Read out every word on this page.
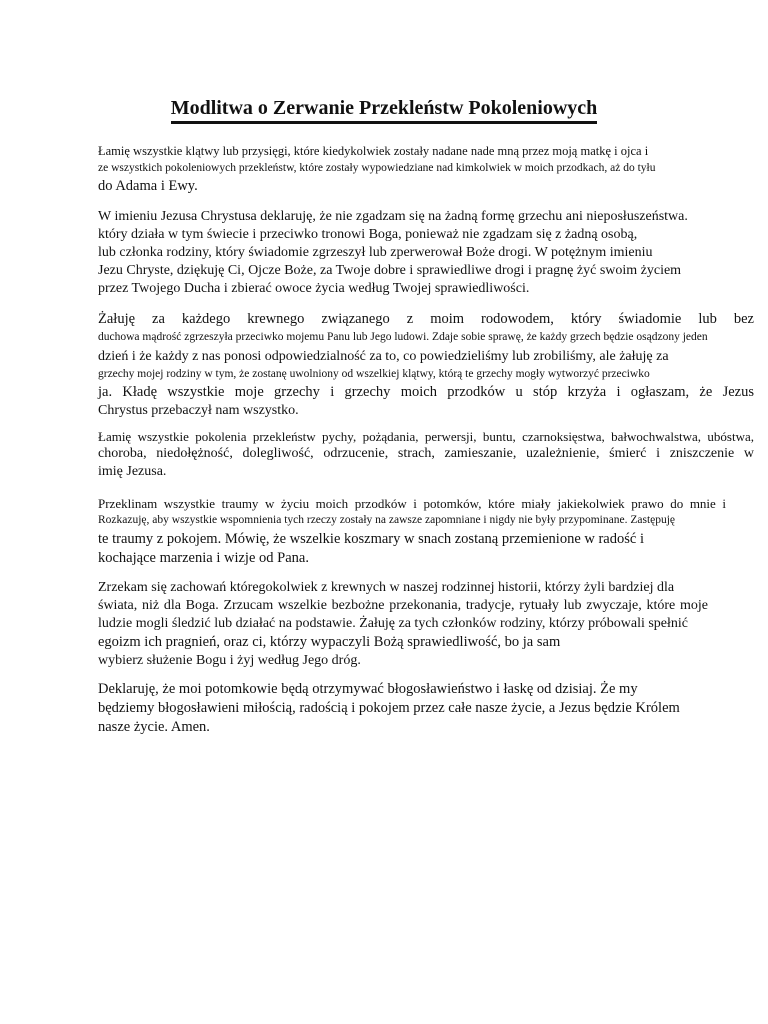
Modlitwa o Zerwanie Przekleństw Pokoleniowych
Łamię wszystkie klątwy lub przysięgi, które kiedykolwiek zostały nadane nade mną przez moją matkę i ojca i
ze wszystkich pokoleniowych przekleństw, które zostały wypowiedziane nad kimkolwiek w moich przodkach, aż do tyłu
do Adama i Ewy.
W imieniu Jezusa Chrystusa deklaruję, że nie zgadzam się na żadną formę grzechu ani nieposłuszeństwa.
który działa w tym świecie i przeciwko tronowi Boga, ponieważ nie zgadzam się z żadną osobą,
lub członka rodziny, który świadomie zgrzeszył lub zperwerował Boże drogi. W potężnym imieniu
Jezu Chryste, dziękuję Ci, Ojcze Boże, za Twoje dobre i sprawiedliwe drogi i pragnę żyć swoim życiem
przez Twojego Ducha i zbierać owoce życia według Twojej sprawiedliwości.
Żałuję za każdego krewnego związanego z moim rodowodem, który świadomie lub bez
duchowa mądrość zgrzeszyła przeciwko mojemu Panu lub Jego ludowi. Zdaje sobie sprawę, że każdy grzech będzie osądzony jeden
dzień i że każdy z nas ponosi odpowiedzialność za to, co powiedzieliśmy lub zrobiliśmy, ale żałuję za
grzechy mojej rodziny w tym, że zostanę uwolniony od wszelkiej klątwy, którą te grzechy mogły wytworzyć przeciwko
ja. Kładę wszystkie moje grzechy i grzechy moich przodków u stóp krzyża i ogłaszam, że Jezus
Chrystus przebaczył nam wszystko.
Łamię wszystkie pokolenia przekleństw pychy, pożądania, perwersji, buntu, czarnoksięstwa, bałwochwalstwa, ubóstwa,
choroba, niedołężność, dolegliwość, odrzucenie, strach, zamieszanie, uzależnienie, śmierć i zniszczenie w
imię Jezusa.
Przeklinam wszystkie traumy w życiu moich przodków i potomków, które miały jakiekolwiek prawo do mnie i
Rozkazuję, aby wszystkie wspomnienia tych rzeczy zostały na zawsze zapomniane i nigdy nie były przypominane. Zastępuję
te traumy z pokojem. Mówię, że wszelkie koszmary w snach zostaną przemienione w radość i
kochające marzenia i wizje od Pana.
Zrzekam się zachowań któregokolwiek z krewnych w naszej rodzinnej historii, którzy żyli bardziej dla
świata, niż dla Boga. Zrzucam wszelkie bezbożne przekonania, tradycje, rytuały lub zwyczaje, które moje
ludzie mogli śledzić lub działać na podstawie. Żałuję za tych członków rodziny, którzy próbowali spełnić
egoizm ich pragnień, oraz ci, którzy wypaczyli Bożą sprawiedliwość, bo ja sam
wybierz służenie Bogu i żyj według Jego dróg.
Deklaruję, że moi potomkowie będą otrzymywać błogosławieństwo i łaskę od dzisiaj. Że my
będziemy błogosławieni miłością, radością i pokojem przez całe nasze życie, a Jezus będzie Królem
nasze życie. Amen.
